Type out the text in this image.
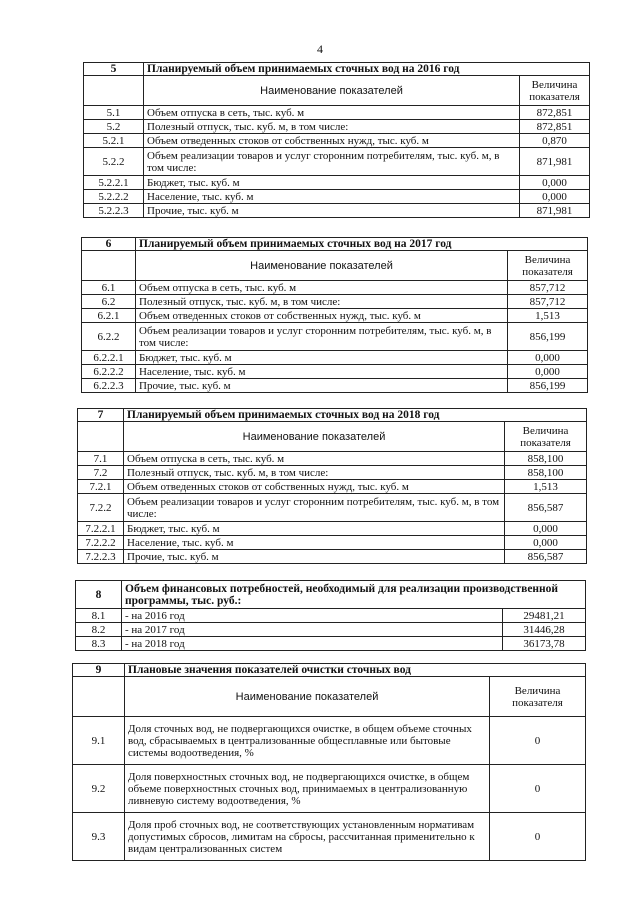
4
5	Планируемый объем принимаемых сточных вод на 2016 год	
	Наименование показателей	Величина показателя
5.1	Объем отпуска в сеть, тыс. куб. м	872,851
5.2	Полезный отпуск, тыс. куб. м, в том числе:	872,851
5.2.1	Объем отведенных стоков от собственных нужд, тыс. куб. м	0,870
5.2.2	Объем реализации товаров и услуг сторонним потребителям, тыс. куб. м, в том числе:	871,981
5.2.2.1	Бюджет, тыс. куб. м	0,000
5.2.2.2	Население, тыс. куб. м	0,000
5.2.2.3	Прочие, тыс. куб. м	871,981
6	Планируемый объем принимаемых сточных вод на 2017 год	
	Наименование показателей	Величина показателя
6.1	Объем отпуска в сеть, тыс. куб. м	857,712
6.2	Полезный отпуск, тыс. куб. м, в том числе:	857,712
6.2.1	Объем отведенных стоков от собственных нужд, тыс. куб. м	1,513
6.2.2	Объем реализации товаров и услуг сторонним потребителям, тыс. куб. м, в том числе:	856,199
6.2.2.1	Бюджет, тыс. куб. м	0,000
6.2.2.2	Население, тыс. куб. м	0,000
6.2.2.3	Прочие, тыс. куб. м	856,199
7	Планируемый объем принимаемых сточных вод на 2018 год	
	Наименование показателей	Величина показателя
7.1	Объем отпуска в сеть, тыс. куб. м	858,100
7.2	Полезный отпуск, тыс. куб. м, в том числе:	858,100
7.2.1	Объем отведенных стоков от собственных нужд, тыс. куб. м	1,513
7.2.2	Объем реализации товаров и услуг сторонним потребителям, тыс. куб. м, в том числе:	856,587
7.2.2.1	Бюджет, тыс. куб. м	0,000
7.2.2.2	Население, тыс. куб. м	0,000
7.2.2.3	Прочие, тыс. куб. м	856,587
8	Объем финансовых потребностей, необходимый для реализации производственной программы, тыс. руб.:	
8.1	- на 2016 год	29481,21
8.2	- на 2017 год	31446,28
8.3	- на 2018 год	36173,78
9	Плановые значения показателей очистки сточных вод	
	Наименование показателей	Величина показателя
9.1	Доля сточных вод, не подвергающихся очистке, в общем объеме сточных вод, сбрасываемых в централизованные общесплавные или бытовые системы водоотведения, %	0
9.2	Доля поверхностных сточных вод, не подвергающихся очистке, в общем объеме поверхностных сточных вод, принимаемых в централизованную ливневую систему водоотведения, %	0
9.3	Доля проб сточных вод, не соответствующих установленным нормативам допустимых сбросов, лимитам на сбросы, рассчитанная применительно к видам централизованных систем	0
